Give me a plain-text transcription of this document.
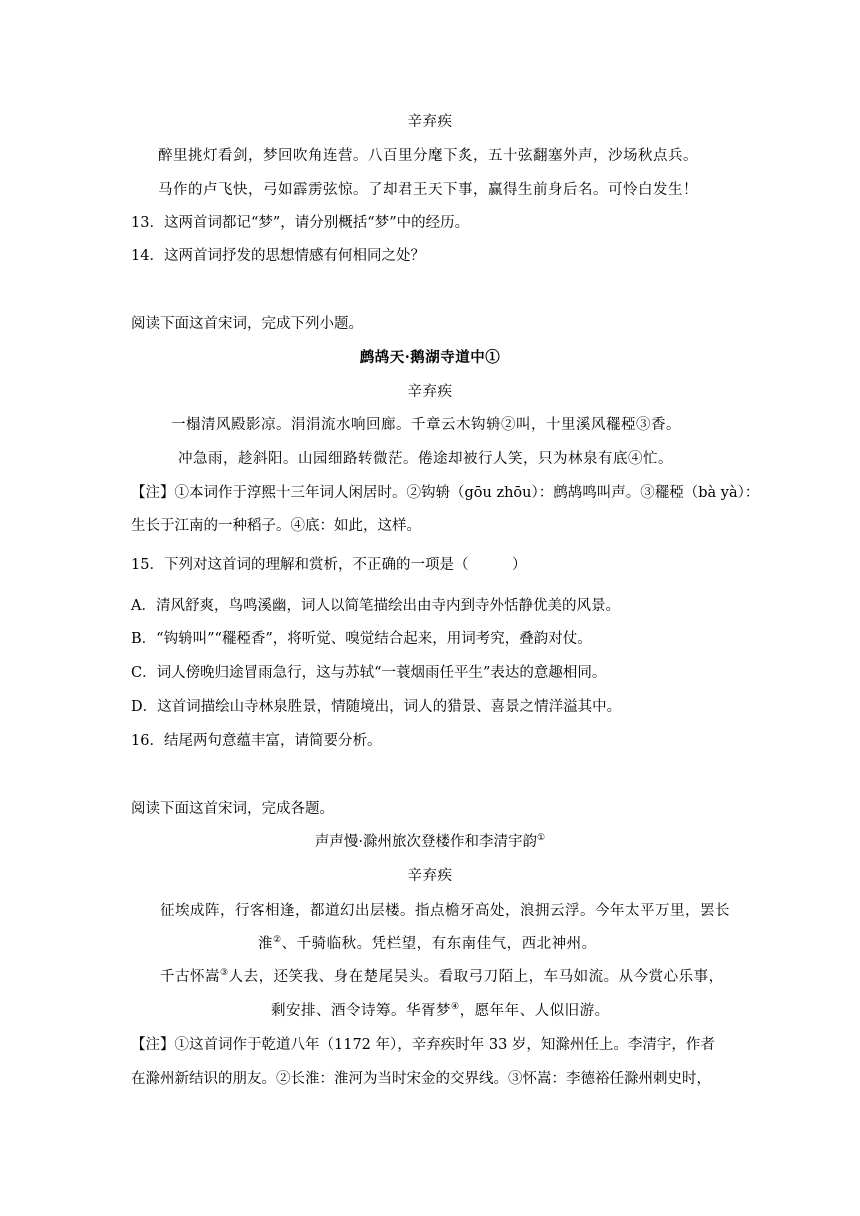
辛弃疾
醉里挑灯看剑，梦回吹角连营。八百里分麾下炙，五十弦翻塞外声，沙场秋点兵。
马作的卢飞快，弓如霹雳弦惊。了却君王天下事，赢得生前身后名。可怜白发生！
13．这两首词都记“梦”，请分别概括“梦”中的经历。
14．这两首词抒发的思想情感有何相同之处？
阅读下面这首宋词，完成下列小题。
鹧鸪天·鹅湖寺道中①
辛弃疾
一榻清风殿影凉。涓涓流水响回廊。千章云木钩辀②叫，十里溪风䆉稏③香。
冲急雨，趁斜阳。山园细路转微茫。倦途却被行人笑，只为林泉有底④忙。
【注】①本词作于淳熙十三年词人闲居时。②钩辀（gōu zhōu）：鹧鸪鸣叫声。③䆉稏（bà yà）：
生长于江南的一种稻子。④底：如此，这样。
15．下列对这首词的理解和赏析，不正确的一项是（　　　）
A．清风舒爽，鸟鸣溪幽，词人以简笔描绘出由寺内到寺外恬静优美的风景。
B．“钩辀叫”“䆉稏香”，将听觉、嗅觉结合起来，用词考究，叠韵对仗。
C．词人傍晚归途冒雨急行，这与苏轼“一蓑烟雨任平生”表达的意趣相同。
D．这首词描绘山寺林泉胜景，情随境出，词人的猎景、喜景之情洋溢其中。
16．结尾两句意蕴丰富，请简要分析。
阅读下面这首宋词，完成各题。
声声慢·滁州旅次登楼作和李清宇韵①
辛弃疾
征埃成阵，行客相逢，都道幻出层楼。指点檐牙高处，浪拥云浮。今年太平万里，罢长
淮②、千骑临秋。凭栏望，有东南佳气，西北神州。
千古怀嵩③人去，还笑我、身在楚尾吴头。看取弓刀陌上，车马如流。从今赏心乐事，
剩安排、酒令诗筹。华胥梦④，愿年年、人似旧游。
【注】①这首词作于乾道八年（1172 年），辛弃疾时年 33 岁，知滁州任上。李清宇，作者
在滁州新结识的朋友。②长淮：淮河为当时宋金的交界线。③怀嵩：李德裕任滁州刺史时，
